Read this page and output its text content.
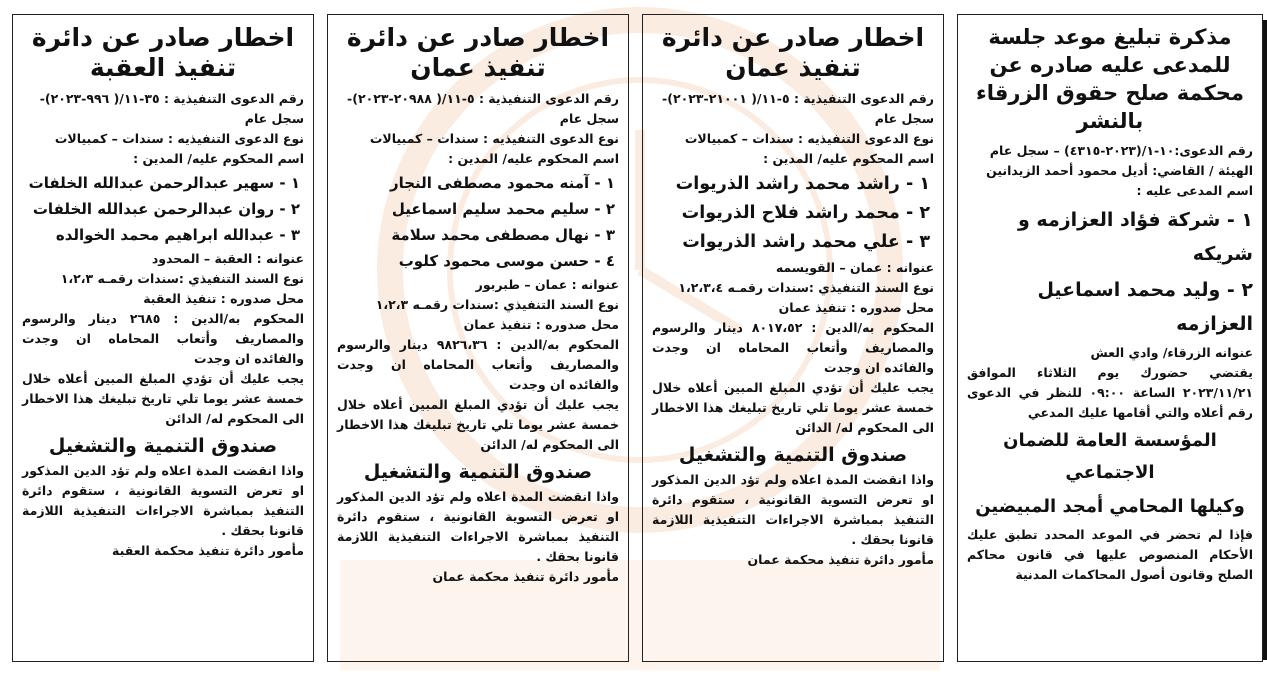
مذكرة تبليغ موعد جلسة للمدعى عليه صادره عن محكمة صلح حقوق الزرقاء بالنشر

رقم الدعوى:١٠-١/(٢٠٢٣-٤٣١٥) – سجل عام

الهيئة / القاضي: أديل محمود أحمد الزيدانين

اسم المدعى عليه :

١ - شركة فؤاد العزازمه و شريكه

٢ - وليد محمد اسماعيل العزازمه

عنوانه الزرقاء/ وادي العش

يقتضي حضورك يوم الثلاثاء الموافق ٢٠٢٣/١١/٢١ الساعة ٠٩:٠٠ للنظر في الدعوى رقم أعلاه والتي أقامها عليك المدعي

المؤسسة العامة للضمان الاجتماعي

وكيلها المحامي أمجد المبيضين

فإذا لم تحضر في الموعد المحدد تطبق عليك الأحكام المنصوص عليها في قانون محاكم الصلح وقانون أصول المحاكمات المدنية

اخطار صادر عن دائرة تنفيذ عمان

رقم الدعوى التنفيذية : ٥-١١/( ٢١٠٠١-٢٠٢٣)- سجل عام

نوع الدعوى التنفيذيه : سندات – كمبيالات

اسم المحكوم عليه/ المدين :

١ - راشد محمد راشد الذريوات

٢ - محمد راشد فلاح الذريوات

٣ - علي محمد راشد الذريوات

عنوانه : عمان – القويسمه

نوع السند التنفيذي :سندات رقمـه ١،٢،٣،٤

محل صدوره : تنفيذ عمان

المحكوم به/الدين : ٨٠١٧،٥٢ دينار والرسوم والمصاريف وأتعاب المحاماه ان وجدت والفائده ان وجدت

يجب عليك أن تؤدي المبلغ المبين أعلاه خلال خمسة عشر يوما تلي تاريخ تبليغك هذا الاخطار الى المحكوم له/ الدائن

صندوق التنمية والتشغيل

واذا انقضت المدة اعلاه ولم تؤد الدين المذكور او تعرض التسوية القانونية ، ستقوم دائرة التنفيذ بمباشرة الاجراءات التنفيذية اللازمة قانونا بحقك .

مأمور دائرة تنفيذ محكمة عمان

اخطار صادر عن دائرة تنفيذ عمان

رقم الدعوى التنفيذية : ٥-١١/( ٢٠٩٨٨-٢٠٢٣)- سجل عام

نوع الدعوى التنفيذيه : سندات – كمبيالات

اسم المحكوم عليه/ المدين :

١ - آمنه محمود مصطفى النجار

٢ - سليم محمد سليم اسماعيل

٣ - نهال مصطفى محمد سلامة

٤ - حسن موسى محمود كلوب

عنوانه : عمان – طبربور

نوع السند التنفيذي :سندات رقمـه ١،٢،٣

محل صدوره : تنفيذ عمان

المحكوم به/الدين : ٩٨٢٦،٣٦ دينار والرسوم والمصاريف وأتعاب المحاماه ان وجدت والفائده ان وجدت

يجب عليك أن تؤدي المبلغ المبين أعلاه خلال خمسة عشر يوما تلي تاريخ تبليغك هذا الاخطار الى المحكوم له/ الدائن

صندوق التنمية والتشغيل

واذا انقضت المدة اعلاه ولم تؤد الدين المذكور او تعرض التسوية القانونية ، ستقوم دائرة التنفيذ بمباشرة الاجراءات التنفيذية اللازمة قانونا بحقك .

مأمور دائرة تنفيذ محكمة عمان

اخطار صادر عن دائرة تنفيذ العقبة

رقم الدعوى التنفيذية : ٣٥-١١/( ٩٩٦-٢٠٢٣)- سجل عام

نوع الدعوى التنفيذيه : سندات – كمبيالات

اسم المحكوم عليه/ المدين :

١ - سهير عبدالرحمن عبدالله الخلفات

٢ - روان عبدالرحمن عبدالله الخلفات

٣ - عبدالله ابراهيم محمد الخوالده

عنوانه : العقبة – المحدود

نوع السند التنفيذي :سندات رقمـه ١،٢،٣

محل صدوره : تنفيذ العقبة

المحكوم به/الدين : ٢٦٨٥ دينار والرسوم والمصاريف وأتعاب المحاماه ان وجدت والفائده ان وجدت

يجب عليك أن تؤدي المبلغ المبين أعلاه خلال خمسة عشر يوما تلي تاريخ تبليغك هذا الاخطار الى المحكوم له/ الدائن

صندوق التنمية والتشغيل

واذا انقضت المدة اعلاه ولم تؤد الدين المذكور او تعرض التسوية القانونية ، ستقوم دائرة التنفيذ بمباشرة الاجراءات التنفيذية اللازمة قانونا بحقك .

مأمور دائرة تنفيذ محكمة العقبة
